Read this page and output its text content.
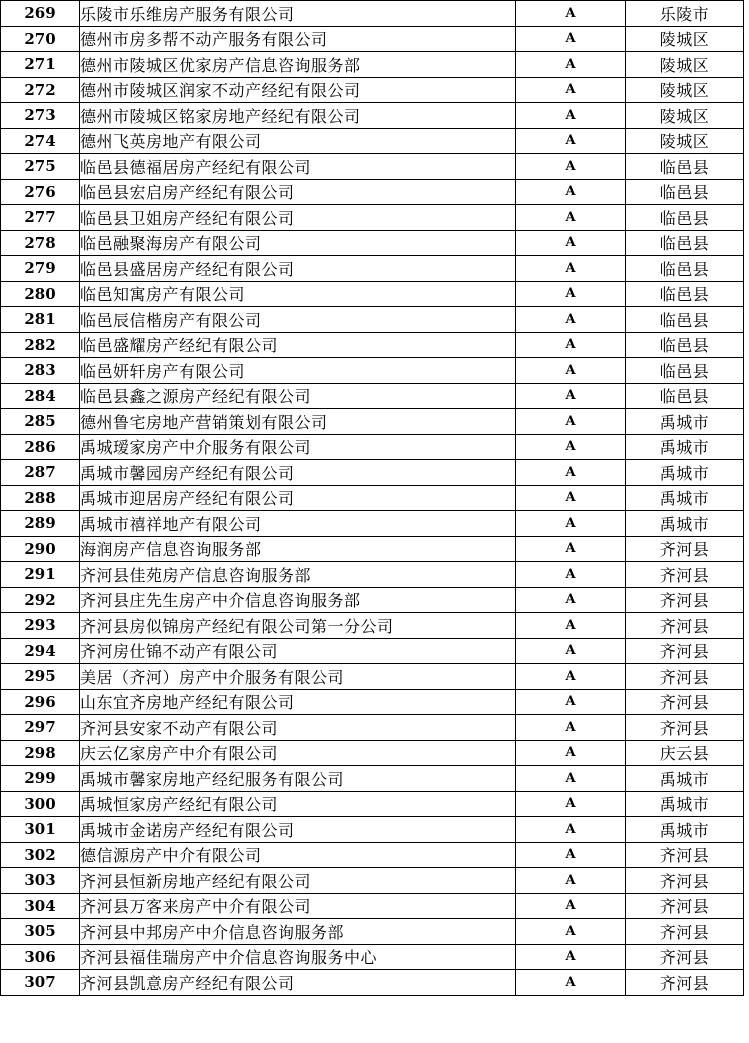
269	乐陵市乐维房产服务有限公司	A	乐陵市
270	德州市房多帮不动产服务有限公司	A	陵城区
271	德州市陵城区优家房产信息咨询服务部	A	陵城区
272	德州市陵城区润家不动产经纪有限公司	A	陵城区
273	德州市陵城区铭家房地产经纪有限公司	A	陵城区
274	德州飞英房地产有限公司	A	陵城区
275	临邑县德福居房产经纪有限公司	A	临邑县
276	临邑县宏启房产经纪有限公司	A	临邑县
277	临邑县卫姐房产经纪有限公司	A	临邑县
278	临邑融聚海房产有限公司	A	临邑县
279	临邑县盛居房产经纪有限公司	A	临邑县
280	临邑知寓房产有限公司	A	临邑县
281	临邑辰信楷房产有限公司	A	临邑县
282	临邑盛耀房产经纪有限公司	A	临邑县
283	临邑妍轩房产有限公司	A	临邑县
284	临邑县鑫之源房产经纪有限公司	A	临邑县
285	德州鲁宅房地产营销策划有限公司	A	禹城市
286	禹城瑷家房产中介服务有限公司	A	禹城市
287	禹城市馨园房产经纪有限公司	A	禹城市
288	禹城市迎居房产经纪有限公司	A	禹城市
289	禹城市禧祥地产有限公司	A	禹城市
290	海润房产信息咨询服务部	A	齐河县
291	齐河县佳苑房产信息咨询服务部	A	齐河县
292	齐河县庄先生房产中介信息咨询服务部	A	齐河县
293	齐河县房似锦房产经纪有限公司第一分公司	A	齐河县
294	齐河房仕锦不动产有限公司	A	齐河县
295	美居（齐河）房产中介服务有限公司	A	齐河县
296	山东宜齐房地产经纪有限公司	A	齐河县
297	齐河县安家不动产有限公司	A	齐河县
298	庆云亿家房产中介有限公司	A	庆云县
299	禹城市馨家房地产经纪服务有限公司	A	禹城市
300	禹城恒家房产经纪有限公司	A	禹城市
301	禹城市金诺房产经纪有限公司	A	禹城市
302	德信源房产中介有限公司	A	齐河县
303	齐河县恒新房地产经纪有限公司	A	齐河县
304	齐河县万客来房产中介有限公司	A	齐河县
305	齐河县中邦房产中介信息咨询服务部	A	齐河县
306	齐河县福佳瑞房产中介信息咨询服务中心	A	齐河县
307	齐河县凯意房产经纪有限公司	A	齐河县
